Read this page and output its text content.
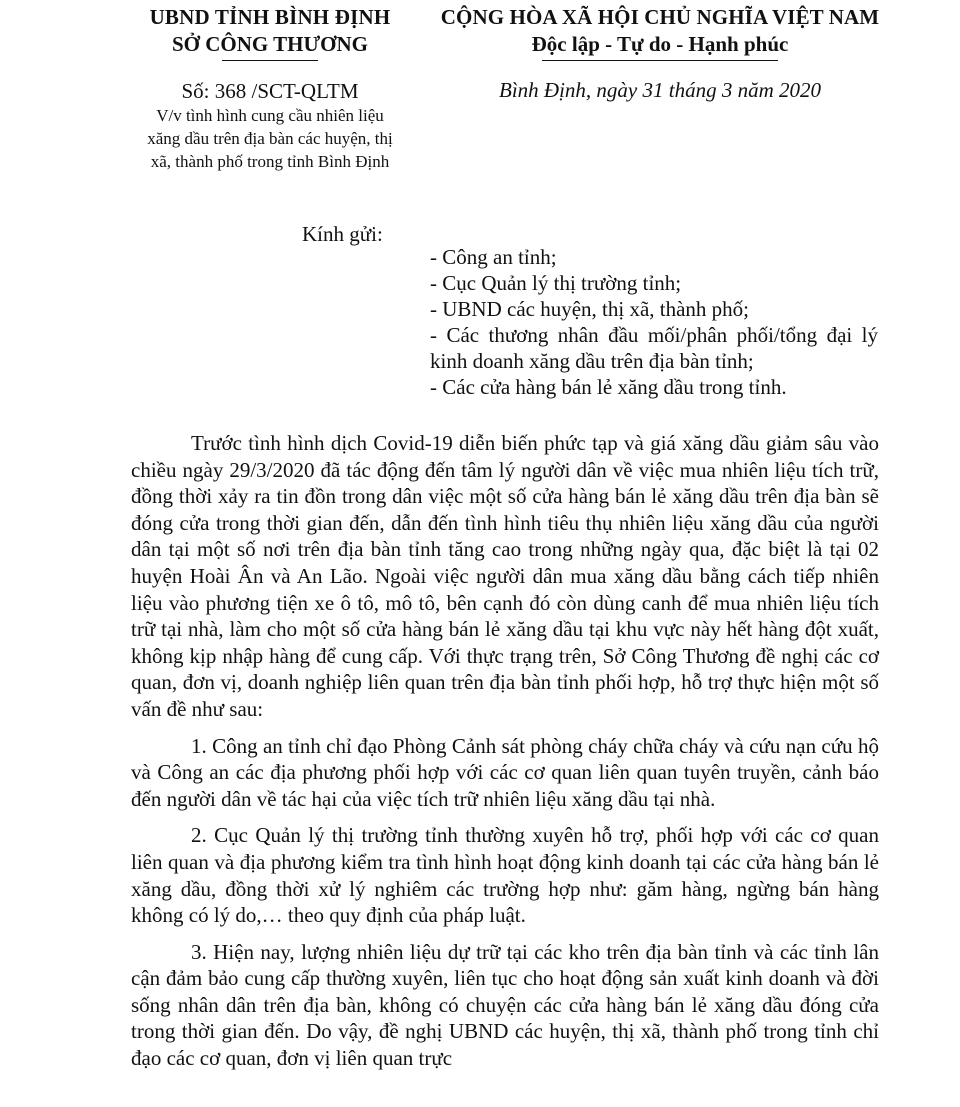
UBND TỈNH BÌNH ĐỊNH
SỞ CÔNG THƯƠNG
CỘNG HÒA XÃ HỘI CHỦ NGHĨA VIỆT NAM
Độc lập - Tự do - Hạnh phúc
Số: 368 /SCT-QLTM
V/v tình hình cung cầu nhiên liệu xăng dầu trên địa bàn các huyện, thị xã, thành phố trong tỉnh Bình Định
Bình Định, ngày 31 tháng 3 năm 2020
Kính gửi:
- Công an tỉnh;
- Cục Quản lý thị trường tỉnh;
- UBND các huyện, thị xã, thành phố;
- Các thương nhân đầu mối/phân phối/tổng đại lý kinh doanh xăng dầu trên địa bàn tỉnh;
- Các cửa hàng bán lẻ xăng dầu trong tỉnh.

Trước tình hình dịch Covid-19 diễn biến phức tạp và giá xăng dầu giảm sâu vào chiều ngày 29/3/2020 đã tác động đến tâm lý người dân về việc mua nhiên liệu tích trữ, đồng thời xảy ra tin đồn trong dân việc một số cửa hàng bán lẻ xăng dầu trên địa bàn sẽ đóng cửa trong thời gian đến, dẫn đến tình hình tiêu thụ nhiên liệu xăng dầu của người dân tại một số nơi trên địa bàn tỉnh tăng cao trong những ngày qua, đặc biệt là tại 02 huyện Hoài Ân và An Lão. Ngoài việc người dân mua xăng dầu bằng cách tiếp nhiên liệu vào phương tiện xe ô tô, mô tô, bên cạnh đó còn dùng canh để mua nhiên liệu tích trữ tại nhà, làm cho một số cửa hàng bán lẻ xăng dầu tại khu vực này hết hàng đột xuất, không kịp nhập hàng để cung cấp. Với thực trạng trên, Sở Công Thương đề nghị các cơ quan, đơn vị, doanh nghiệp liên quan trên địa bàn tỉnh phối hợp, hỗ trợ thực hiện một số vấn đề như sau:

1. Công an tỉnh chỉ đạo Phòng Cảnh sát phòng cháy chữa cháy và cứu nạn cứu hộ và Công an các địa phương phối hợp với các cơ quan liên quan tuyên truyền, cảnh báo đến người dân về tác hại của việc tích trữ nhiên liệu xăng dầu tại nhà.

2. Cục Quản lý thị trường tỉnh thường xuyên hỗ trợ, phối hợp với các cơ quan liên quan và địa phương kiểm tra tình hình hoạt động kinh doanh tại các cửa hàng bán lẻ xăng dầu, đồng thời xử lý nghiêm các trường hợp như: găm hàng, ngừng bán hàng không có lý do,… theo quy định của pháp luật.

3. Hiện nay, lượng nhiên liệu dự trữ tại các kho trên địa bàn tỉnh và các tỉnh lân cận đảm bảo cung cấp thường xuyên, liên tục cho hoạt động sản xuất kinh doanh và đời sống nhân dân trên địa bàn, không có chuyện các cửa hàng bán lẻ xăng dầu đóng cửa trong thời gian đến. Do vậy, đề nghị UBND các huyện, thị xã, thành phố trong tỉnh chỉ đạo các cơ quan, đơn vị liên quan trực
